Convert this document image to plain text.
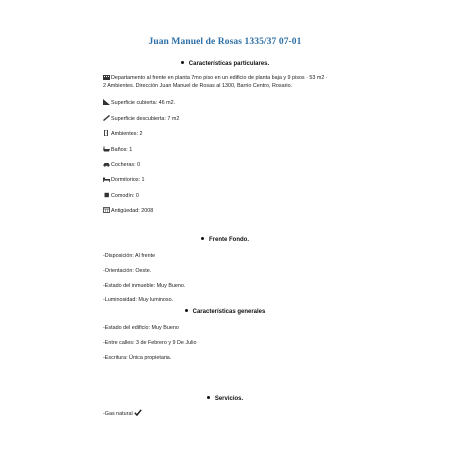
Juan Manuel de Rosas 1335/37 07-01
Características particulares.
Departamento al frente en planta 7mo piso en un edificio de planta baja y 9 pisos · 53 m2 ·
2 Ambientes. Dirección Juan Manuel de Rosas al 1300, Barrio Centro, Rosario.
Superficie cubierta: 46 m2.
Superficie descubierta: 7 m2
Ambientes: 2
Baños: 1
Cocheras: 0
Dormitorios: 1
Comodín: 0
Antigüedad: 2008
Frente Fondo.
-Disposición: Al frente
-Orientación: Oeste.
-Estado del inmueble: Muy Bueno.
-Luminosidad: Muy luminoso.
Características generales
-Estado del edificio: Muy Bueno
-Entre calles: 3 de Febrero y 9 De Julio
-Escritura: Única propietaria.
Servicios.
-Gas natural
